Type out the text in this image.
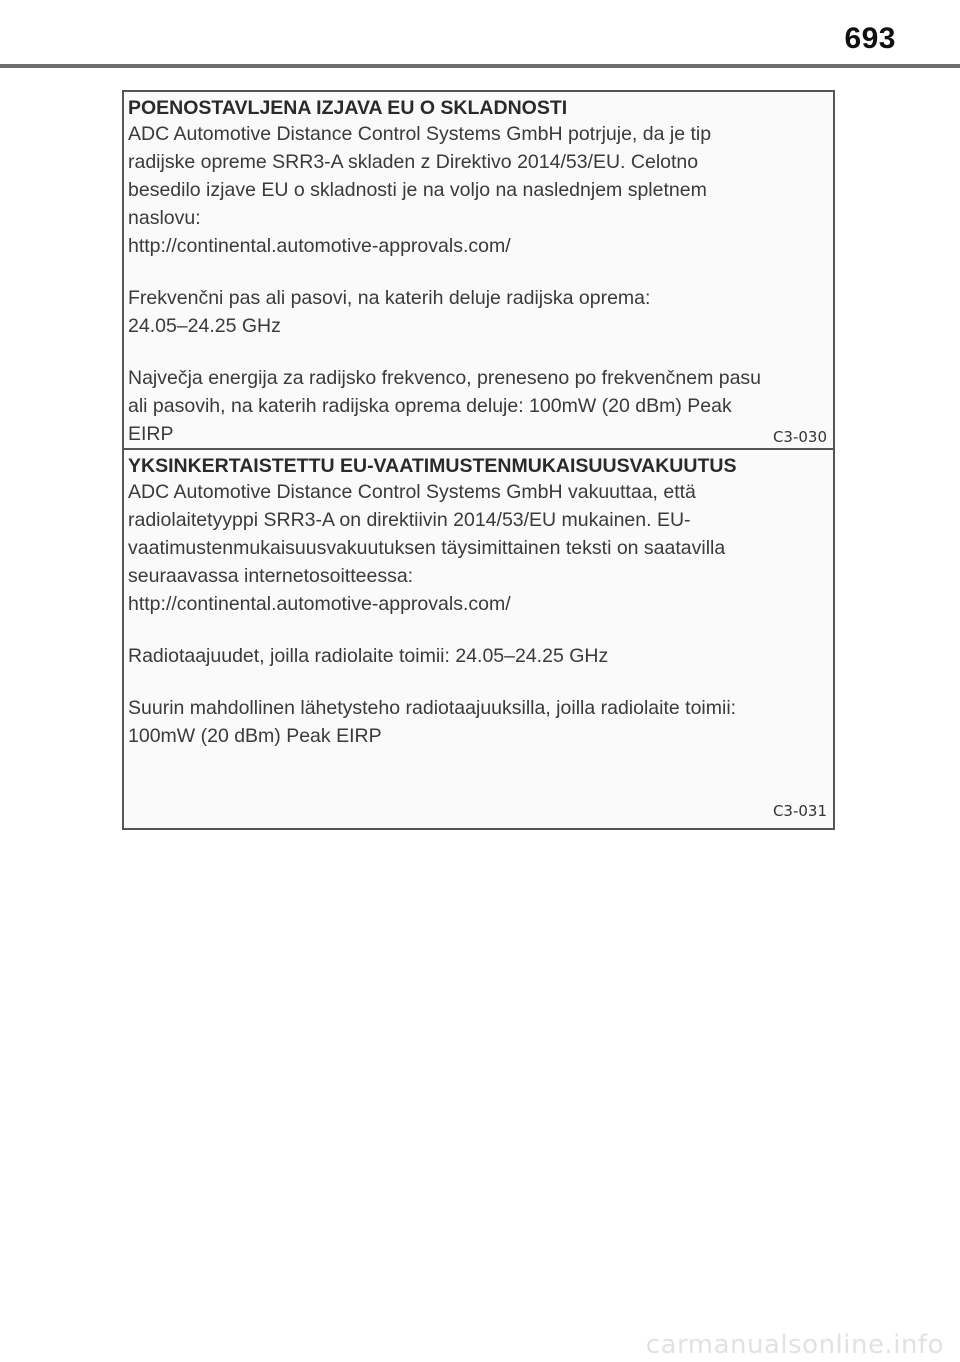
693
POENOSTAVLJENA IZJAVA EU O SKLADNOSTI

ADC Automotive Distance Control Systems GmbH potrjuje, da je tip
radijske opreme SRR3-A skladen z Direktivo 2014/53/EU. Celotno
besedilo izjave EU o skladnosti je na voljo na naslednjem spletnem
naslovu:

http://continental.automotive-approvals.com/

Frekvenčni pas ali pasovi, na katerih deluje radijska oprema:
24.05–24.25 GHz

Največja energija za radijsko frekvenco, preneseno po frekvenčnem pasu
ali pasovih, na katerih radijska oprema deluje: 100mW (20 dBm) Peak
EIRP	C3-030
YKSINKERTAISTETTU EU-VAATIMUSTENMUKAISUUSVAKUUTUS

ADC Automotive Distance Control Systems GmbH vakuuttaa, että
radiolaitetyyppi SRR3-A on direktiivin 2014/53/EU mukainen. EU-
vaatimustenmukaisuusvakuutuksen täysimittainen teksti on saatavilla
seuraavassa internetosoitteessa:

http://continental.automotive-approvals.com/

Radiotaajuudet, joilla radiolaite toimii: 24.05–24.25 GHz

Suurin mahdollinen lähetysteho radiotaajuuksilla, joilla radiolaite toimii:
100mW (20 dBm) Peak EIRP

C3-031
carmanualsonline.info
